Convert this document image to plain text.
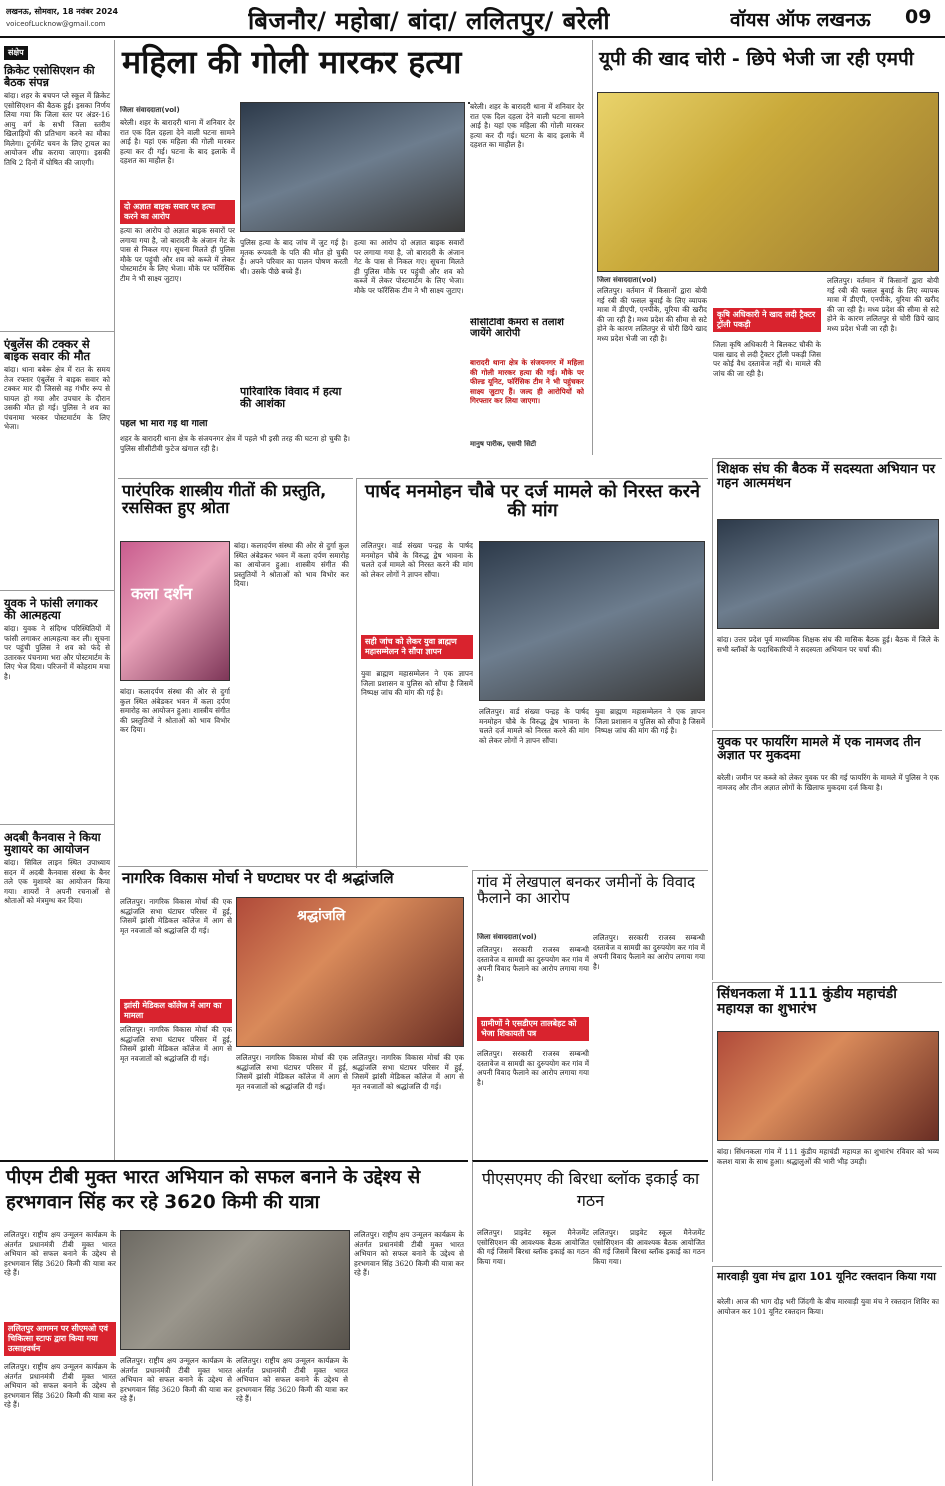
लखनऊ, सोमवार, 18 नवंबर 2024
voiceofLucknow@gmail.com	बिजनौर/ महोबा/ बांदा/ ललितपुर/ बरेली	वॉयस ऑफ लखनऊ 09
संक्षेप
क्रिकेट एसोसिएशन की बैठक संपन्न
बांदा। शहर के बचपन प्ले स्कूल में क्रिकेट एसोसिएशन की बैठक हुई। इसका निर्णय लिया गया कि जिला स्तर पर अंडर-16 आयु वर्ग के सभी जिला स्तरीय खिलाड़ियों की प्रतिभाग करने का मौका मिलेगा। टूर्नामेंट चयन के लिए ट्रायल का आयोजन शीघ्र कराया जाएगा। इसकी तिथि 2 दिनों में घोषित की जाएगी।
एंबुलेंस की टक्कर से बाइक सवार की मौत
बांदा। थाना बबेरू क्षेत्र में रात के समय तेज रफ्तार एंबुलेंस ने बाइक सवार को टक्कर मार दी जिससे वह गंभीर रूप से घायल हो गया और उपचार के दौरान उसकी मौत हो गई। पुलिस ने शव का पंचनामा भरकर पोस्टमार्टम के लिए भेजा।
युवक ने फांसी लगाकर की आत्महत्या
बांदा। युवक ने संदिग्ध परिस्थितियों में फांसी लगाकर आत्महत्या कर ली। सूचना पर पहुंची पुलिस ने शव को फंदे से उतारकर पंचनामा भरा और पोस्टमार्टम के लिए भेज दिया। परिजनों में कोहराम मचा है।
अदबी कैनवास ने किया मुशायरे का आयोजन
बांदा। सिविल लाइन स्थित उपाध्याय सदन में अदबी कैनवास संस्था के बैनर तले एक मुशायरे का आयोजन किया गया। शायरों ने अपनी रचनाओं से श्रोताओं को मंत्रमुग्ध कर दिया।
महिला की गोली मारकर हत्या
जिला संवाददाता(vol)
बरेली। शहर के बारादरी थाना में शनिवार देर रात एक दिल दहला देने वाली घटना सामने आई है। यहां एक महिला की गोली मारकर हत्या कर दी गई। घटना के बाद इलाके में दहशत का माहौल है।
दो अज्ञात बाइक सवार पर हत्या करने का आरोप
हत्या का आरोप दो अज्ञात बाइक सवारों पर लगाया गया है, जो बारादरी के अंजान गेट के पास से निकल गए। सूचना मिलते ही पुलिस मौके पर पहुंची और शव को कब्जे में लेकर पोस्टमार्टम के लिए भेजा। मौके पर फॉरेंसिक टीम ने भी साक्ष्य जुटाए।
पहले भी मारी गई थी गोली
शहर के बारादरी थाना क्षेत्र के संजयनगर क्षेत्र में पहले भी इसी तरह की घटना हो चुकी है। पुलिस सीसीटीवी फुटेज खंगाल रही है।
पुलिस हत्या के बाद जांच में जुट गई है। मृतक रूपवती के पति की मौत हो चुकी है। अपने परिवार का पालन पोषण करती थी। उसके पीछे बच्चे हैं।
हत्या का आरोप दो अज्ञात बाइक सवारों पर लगाया गया है, जो बारादरी के अंजान गेट के पास से निकल गए। सूचना मिलते ही पुलिस मौके पर पहुंची और शव को कब्जे में लेकर पोस्टमार्टम के लिए भेजा। मौके पर फॉरेंसिक टीम ने भी साक्ष्य जुटाए।
पारिवारिक विवाद में हत्या की आशंका
बरेली। शहर के बारादरी थाना में शनिवार देर रात एक दिल दहला देने वाली घटना सामने आई है। यहां एक महिला की गोली मारकर हत्या कर दी गई। घटना के बाद इलाके में दहशत का माहौल है।
सीसीटीवी कैमरों से तलाशे जायेंगे आरोपी
बारादरी थाना क्षेत्र के संजयनगर में महिला की गोली मारकर हत्या की गई। मौके पर फील्ड यूनिट, फॉरेंसिक टीम ने भी पहुंचकर साक्ष्य जुटाए हैं। जल्द ही आरोपियों को गिरफ्तार कर लिया जाएगा।
मानुष पारीक, एसपी सिटी
यूपी की खाद चोरी - छिपे भेजी जा रही एमपी
जिला संवाददाता(vol)
ललितपुर। वर्तमान में किसानों द्वारा बोयी गई रबी की फसल बुवाई के लिए व्यापक मात्रा में डीएपी, एनपीके, यूरिया की खरीद की जा रही है। मध्य प्रदेश की सीमा से सटे होने के कारण ललितपुर से चोरी छिपे खाद मध्य प्रदेश भेजी जा रही है।
कृषि अधिकारी ने खाद लदी ट्रैक्टर ट्रॉली पकड़ी
जिला कृषि अधिकारी ने बिलकट चौकी के पास खाद से लदी ट्रैक्टर ट्रॉली पकड़ी जिस पर कोई वैध दस्तावेज नहीं थे। मामले की जांच की जा रही है।
ललितपुर। वर्तमान में किसानों द्वारा बोयी गई रबी की फसल बुवाई के लिए व्यापक मात्रा में डीएपी, एनपीके, यूरिया की खरीद की जा रही है। मध्य प्रदेश की सीमा से सटे होने के कारण ललितपुर से चोरी छिपे खाद मध्य प्रदेश भेजी जा रही है।
शिक्षक संघ की बैठक में सदस्यता अभियान पर गहन आत्ममंथन
बांदा। उत्तर प्रदेश पूर्व माध्यमिक शिक्षक संघ की मासिक बैठक हुई। बैठक में जिले के सभी ब्लॉकों के पदाधिकारियों ने सदस्यता अभियान पर चर्चा की।
युवक पर फायरिंग मामले में एक नामजद तीन अज्ञात पर मुकदमा
बरेली। जमीन पर कब्जे को लेकर युवक पर की गई फायरिंग के मामले में पुलिस ने एक नामजद और तीन अज्ञात लोगों के खिलाफ मुकदमा दर्ज किया है।
सिंधनकला में 111 कुंडीय महाचंडी महायज्ञ का शुभारंभ
बांदा। सिंधनकला गांव में 111 कुंडीय महाचंडी महायज्ञ का शुभारंभ रविवार को भव्य कलश यात्रा के साथ हुआ। श्रद्धालुओं की भारी भीड़ उमड़ी।
मारवाड़ी युवा मंच द्वारा 101 यूनिट रक्तदान किया गया
बरेली। आज की भाग दौड़ भरी जिंदगी के बीच मारवाड़ी युवा मंच ने रक्तदान शिविर का आयोजन कर 101 यूनिट रक्तदान किया।
पारंपरिक शास्त्रीय गीतों की प्रस्तुति, रससिक्त हुए श्रोता
कला दर्शन
बांदा। कलादर्पण संस्था की ओर से दुर्गा कुल स्थित अंबेडकर भवन में कला दर्पण समारोह का आयोजन हुआ। शास्त्रीय संगीत की प्रस्तुतियों ने श्रोताओं को भाव विभोर कर दिया।
बांदा। कलादर्पण संस्था की ओर से दुर्गा कुल स्थित अंबेडकर भवन में कला दर्पण समारोह का आयोजन हुआ। शास्त्रीय संगीत की प्रस्तुतियों ने श्रोताओं को भाव विभोर कर दिया।
पार्षद मनमोहन चौबे पर दर्ज मामले को निरस्त करने की मांग
ललितपुर। वार्ड संख्या पन्द्रह के पार्षद मनमोहन चौबे के विरुद्ध द्वेष भावना के चलते दर्ज मामले को निरस्त करने की मांग को लेकर लोगों ने ज्ञापन सौंपा।
सही जांच को लेकर युवा ब्राह्मण महासम्मेलन ने सौंपा ज्ञापन
युवा ब्राह्मण महासम्मेलन ने एक ज्ञापन जिला प्रशासन व पुलिस को सौंपा है जिसमें निष्पक्ष जांच की मांग की गई है।
ललितपुर। वार्ड संख्या पन्द्रह के पार्षद मनमोहन चौबे के विरुद्ध द्वेष भावना के चलते दर्ज मामले को निरस्त करने की मांग को लेकर लोगों ने ज्ञापन सौंपा।
युवा ब्राह्मण महासम्मेलन ने एक ज्ञापन जिला प्रशासन व पुलिस को सौंपा है जिसमें निष्पक्ष जांच की मांग की गई है।
नागरिक विकास मोर्चा ने घण्टाघर पर दी श्रद्धांजलि
ललितपुर। नागरिक विकास मोर्चा की एक श्रद्धांजलि सभा घंटाघर परिसर में हुई, जिसमें झांसी मेडिकल कॉलेज में आग से मृत नवजातों को श्रद्धांजलि दी गई।
झांसी मेडिकल कॉलेज में आग का मामला
ललितपुर। नागरिक विकास मोर्चा की एक श्रद्धांजलि सभा घंटाघर परिसर में हुई, जिसमें झांसी मेडिकल कॉलेज में आग से मृत नवजातों को श्रद्धांजलि दी गई।
श्रद्धांजलि
ललितपुर। नागरिक विकास मोर्चा की एक श्रद्धांजलि सभा घंटाघर परिसर में हुई, जिसमें झांसी मेडिकल कॉलेज में आग से मृत नवजातों को श्रद्धांजलि दी गई।
ललितपुर। नागरिक विकास मोर्चा की एक श्रद्धांजलि सभा घंटाघर परिसर में हुई, जिसमें झांसी मेडिकल कॉलेज में आग से मृत नवजातों को श्रद्धांजलि दी गई।
गांव में लेखपाल बनकर जमीनों के विवाद फैलाने का आरोप
जिला संवाददाता(vol)
ललितपुर। सरकारी राजस्व सम्बन्धी दस्तावेज व सामग्री का दुरुपयोग कर गांव में अपनी विवाद फैलाने का आरोप लगाया गया है।
ग्रामीणों ने एसडीएम तालबेहट को भेजा शिकायती पत्र
ललितपुर। सरकारी राजस्व सम्बन्धी दस्तावेज व सामग्री का दुरुपयोग कर गांव में अपनी विवाद फैलाने का आरोप लगाया गया है।
ललितपुर। सरकारी राजस्व सम्बन्धी दस्तावेज व सामग्री का दुरुपयोग कर गांव में अपनी विवाद फैलाने का आरोप लगाया गया है।
पीएम टीबी मुक्त भारत अभियान को सफल बनाने के उद्देश्य से हरभगवान सिंह कर रहे 3620 किमी की यात्रा
ललितपुर। राष्ट्रीय क्षय उन्मूलन कार्यक्रम के अंतर्गत प्रधानमंत्री टीबी मुक्त भारत अभियान को सफल बनाने के उद्देश्य से हरभगवान सिंह 3620 किमी की यात्रा कर रहे हैं।
ललितपुर आगमन पर सीएमओ एवं चिकित्सा स्टाफ द्वारा किया गया उत्साहवर्धन
ललितपुर। राष्ट्रीय क्षय उन्मूलन कार्यक्रम के अंतर्गत प्रधानमंत्री टीबी मुक्त भारत अभियान को सफल बनाने के उद्देश्य से हरभगवान सिंह 3620 किमी की यात्रा कर रहे हैं।
ललितपुर। राष्ट्रीय क्षय उन्मूलन कार्यक्रम के अंतर्गत प्रधानमंत्री टीबी मुक्त भारत अभियान को सफल बनाने के उद्देश्य से हरभगवान सिंह 3620 किमी की यात्रा कर रहे हैं।
ललितपुर। राष्ट्रीय क्षय उन्मूलन कार्यक्रम के अंतर्गत प्रधानमंत्री टीबी मुक्त भारत अभियान को सफल बनाने के उद्देश्य से हरभगवान सिंह 3620 किमी की यात्रा कर रहे हैं।
ललितपुर। राष्ट्रीय क्षय उन्मूलन कार्यक्रम के अंतर्गत प्रधानमंत्री टीबी मुक्त भारत अभियान को सफल बनाने के उद्देश्य से हरभगवान सिंह 3620 किमी की यात्रा कर रहे हैं।
पीएसएमए की बिरधा ब्लॉक इकाई का गठन
ललितपुर। प्राइवेट स्कूल मैनेजमेंट एसोसिएशन की आवश्यक बैठक आयोजित की गई जिसमें बिरधा ब्लॉक इकाई का गठन किया गया।
ललितपुर। प्राइवेट स्कूल मैनेजमेंट एसोसिएशन की आवश्यक बैठक आयोजित की गई जिसमें बिरधा ब्लॉक इकाई का गठन किया गया।
